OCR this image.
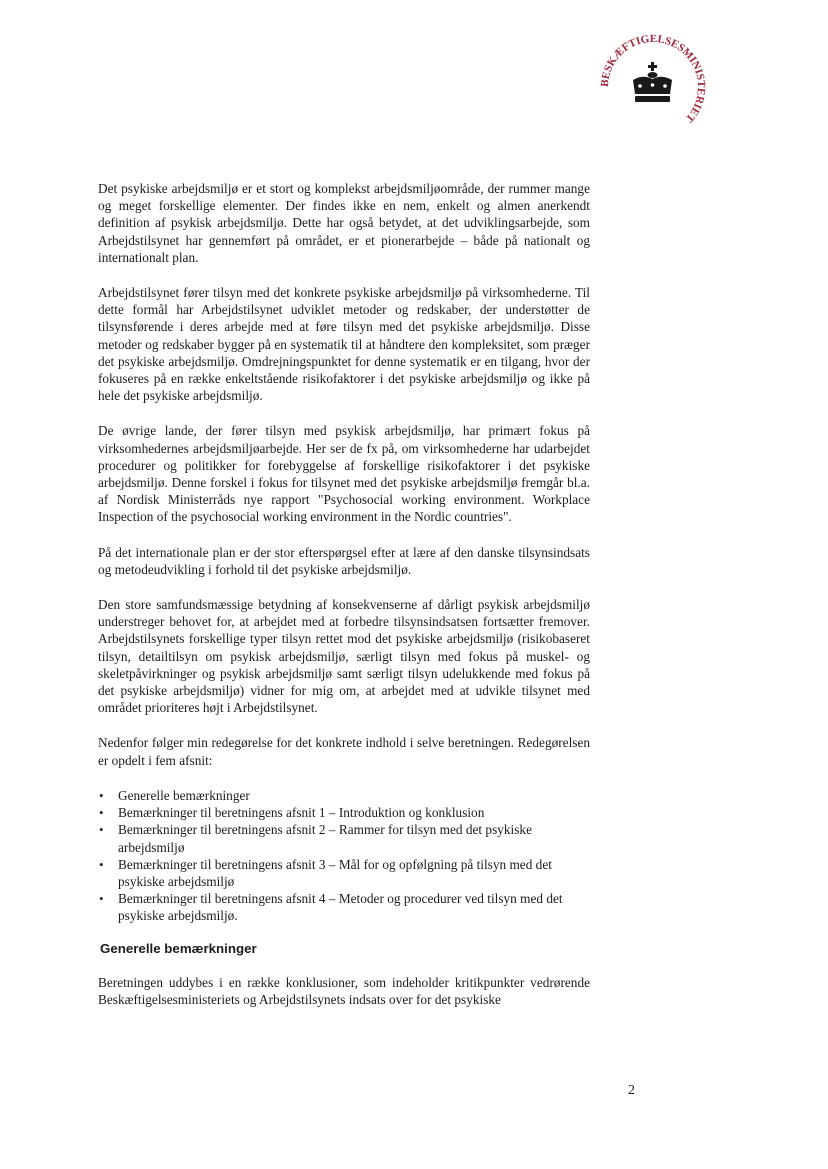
BESKÆFTIGELSESMINISTERIET

Det psykiske arbejdsmiljø er et stort og komplekst arbejdsmiljøområde, der rummer mange og meget forskellige elementer. Der findes ikke en nem, enkelt og almen anerkendt definition af psykisk arbejdsmiljø. Dette har også betydet, at det udviklingsarbejde, som Arbejdstilsynet har gennemført på området, er et pionerarbejde – både på nationalt og internationalt plan.

Arbejdstilsynet fører tilsyn med det konkrete psykiske arbejdsmiljø på virksomhederne. Til dette formål har Arbejdstilsynet udviklet metoder og redskaber, der understøtter de tilsynsførende i deres arbejde med at føre tilsyn med det psykiske arbejdsmiljø. Disse metoder og redskaber bygger på en systematik til at håndtere den kompleksitet, som præger det psykiske arbejdsmiljø. Omdrejningspunktet for denne systematik er en tilgang, hvor der fokuseres på en række enkeltstående risikofaktorer i det psykiske arbejdsmiljø og ikke på hele det psykiske arbejdsmiljø.

De øvrige lande, der fører tilsyn med psykisk arbejdsmiljø, har primært fokus på virksomhedernes arbejdsmiljøarbejde. Her ser de fx på, om virksomhederne har udarbejdet procedurer og politikker for forebyggelse af forskellige risikofaktorer i det psykiske arbejdsmiljø. Denne forskel i fokus for tilsynet med det psykiske arbejdsmiljø fremgår bl.a. af Nordisk Ministerråds nye rapport "Psychosocial working environment. Workplace Inspection of the psychosocial working environment in the Nordic countries".

På det internationale plan er der stor efterspørgsel efter at lære af den danske tilsynsindsats og metodeudvikling i forhold til det psykiske arbejdsmiljø.

Den store samfundsmæssige betydning af konsekvenserne af dårligt psykisk arbejdsmiljø understreger behovet for, at arbejdet med at forbedre tilsynsindsatsen fortsætter fremover. Arbejdstilsynets forskellige typer tilsyn rettet mod det psykiske arbejdsmiljø (risikobaseret tilsyn, detailtilsyn om psykisk arbejdsmiljø, særligt tilsyn med fokus på muskel- og skeletpåvirkninger og psykisk arbejdsmiljø samt særligt tilsyn udelukkende med fokus på det psykiske arbejdsmiljø) vidner for mig om, at arbejdet med at udvikle tilsynet med området prioriteres højt i Arbejdstilsynet.

Nedenfor følger min redegørelse for det konkrete indhold i selve beretningen. Redegørelsen er opdelt i fem afsnit:

• Generelle bemærkninger
• Bemærkninger til beretningens afsnit 1 – Introduktion og konklusion
• Bemærkninger til beretningens afsnit 2 – Rammer for tilsyn med det psykiske arbejdsmiljø
• Bemærkninger til beretningens afsnit 3 – Mål for og opfølgning på tilsyn med det psykiske arbejdsmiljø
• Bemærkninger til beretningens afsnit 4 – Metoder og procedurer ved tilsyn med det psykiske arbejdsmiljø.
Generelle bemærkninger

Beretningen uddybes i en række konklusioner, som indeholder kritikpunkter vedrørende Beskæftigelsesministeriets og Arbejdstilsynets indsats over for det psykiske

2
